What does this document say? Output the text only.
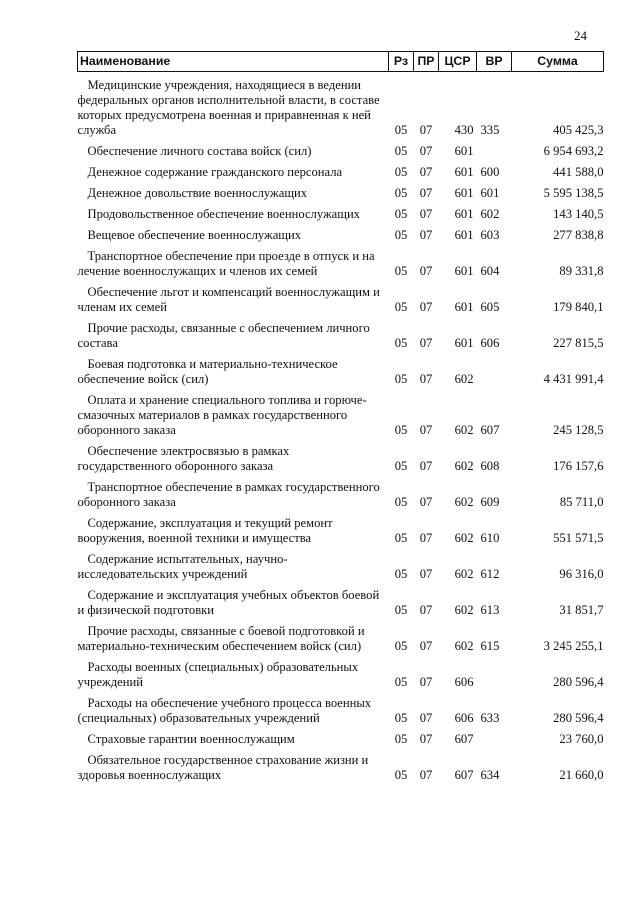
24
Наименование	Рз	ПР	ЦСР	ВР	Сумма

Медицинские учреждения, находящиеся в ведении федеральных органов исполнительной власти, в составе которых предусмотрена военная и приравненная к ней служба	05	07	430	335	405 425,3

Обеспечение личного состава войск (сил)	05	07	601		6 954 693,2

Денежное содержание гражданского персонала	05	07	601	600	441 588,0

Денежное довольствие военнослужащих	05	07	601	601	5 595 138,5

Продовольственное обеспечение военнослужащих	05	07	601	602	143 140,5

Вещевое обеспечение военнослужащих	05	07	601	603	277 838,8

Транспортное обеспечение при проезде в отпуск и на лечение военнослужащих и членов их семей	05	07	601	604	89 331,8

Обеспечение льгот и компенсаций военнослужащим и членам их семей	05	07	601	605	179 840,1

Прочие расходы, связанные с обеспечением личного состава	05	07	601	606	227 815,5

Боевая подготовка и материально-техническое обеспечение войск (сил)	05	07	602		4 431 991,4

Оплата и хранение специального топлива и горюче-смазочных материалов в рамках государственного оборонного заказа	05	07	602	607	245 128,5

Обеспечение электросвязью в рамках государственного оборонного заказа	05	07	602	608	176 157,6

Транспортное обеспечение в рамках государственного оборонного заказа	05	07	602	609	85 711,0

Содержание, эксплуатация и текущий ремонт вооружения, военной техники и имущества	05	07	602	610	551 571,5

Содержание испытательных, научно-исследовательских учреждений	05	07	602	612	96 316,0

Содержание и эксплуатация учебных объектов боевой и физической подготовки	05	07	602	613	31 851,7

Прочие расходы, связанные с боевой подготовкой и материально-техническим обеспечением войск (сил)	05	07	602	615	3 245 255,1

Расходы военных (специальных) образовательных учреждений	05	07	606		280 596,4

Расходы на обеспечение учебного процесса военных (специальных) образовательных учреждений	05	07	606	633	280 596,4

Страховые гарантии военнослужащим	05	07	607		23 760,0

Обязательное государственное страхование жизни и здоровья военнослужащих	05	07	607	634	21 660,0
